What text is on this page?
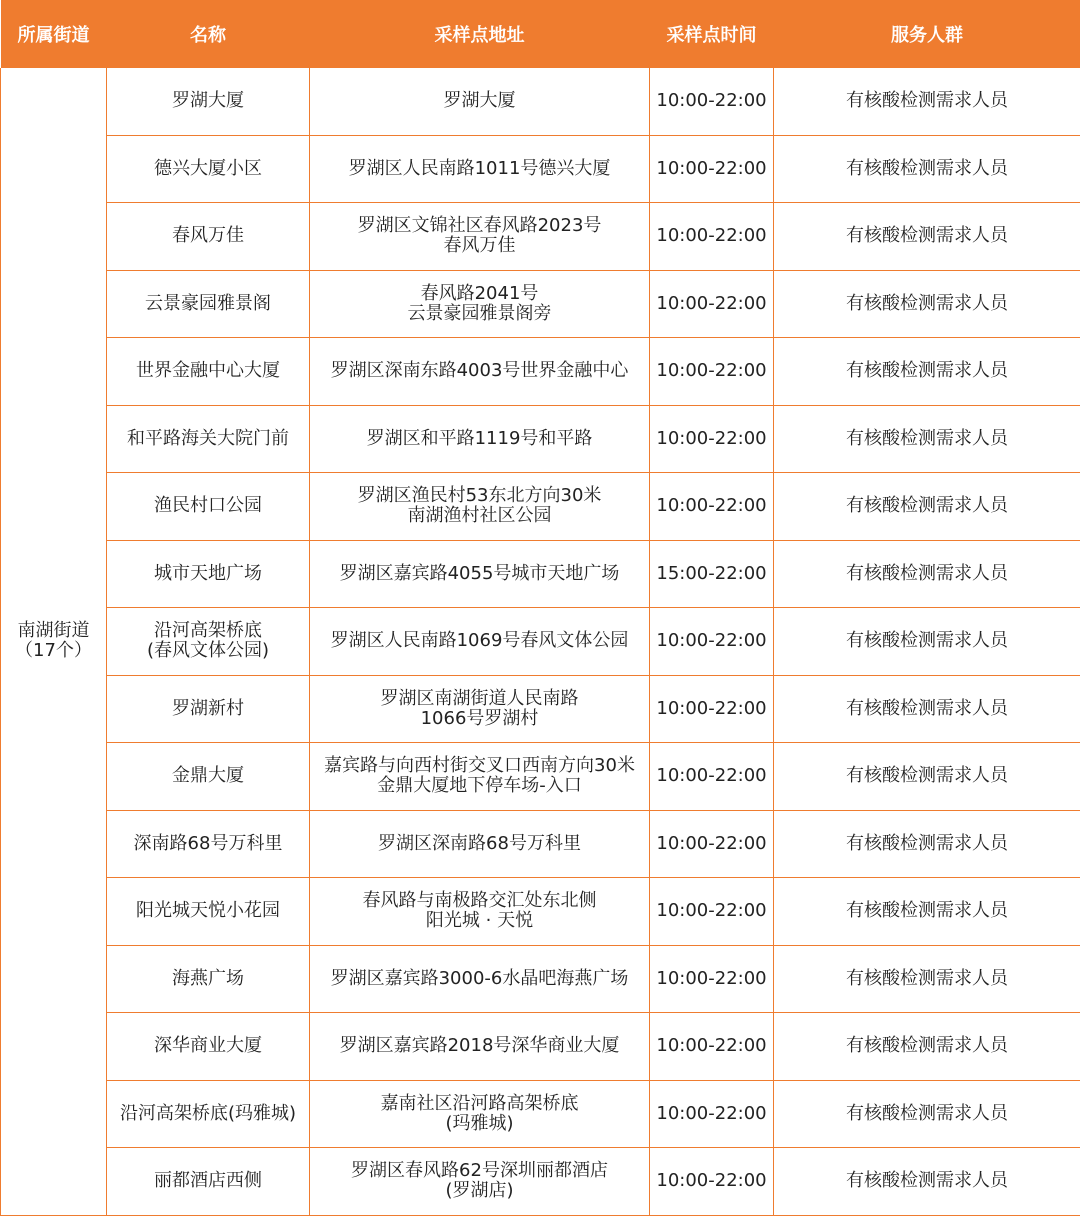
所属街道	名称	采样点地址	采样点时间	服务人群

南湖街道
（17个）	罗湖大厦	罗湖大厦	10:00-22:00	有核酸检测需求人员

	德兴大厦小区	罗湖区人民南路1011号德兴大厦	10:00-22:00	有核酸检测需求人员

	春风万佳	罗湖区文锦社区春风路2023号
春风万佳	10:00-22:00	有核酸检测需求人员

	云景豪园雅景阁	春风路2041号
云景豪园雅景阁旁	10:00-22:00	有核酸检测需求人员

	世界金融中心大厦	罗湖区深南东路4003号世界金融中心	10:00-22:00	有核酸检测需求人员

	和平路海关大院门前	罗湖区和平路1119号和平路	10:00-22:00	有核酸检测需求人员

	渔民村口公园	罗湖区渔民村53东北方向30米
南湖渔村社区公园	10:00-22:00	有核酸检测需求人员

	城市天地广场	罗湖区嘉宾路4055号城市天地广场	15:00-22:00	有核酸检测需求人员

	沿河高架桥底
(春风文体公园)	罗湖区人民南路1069号春风文体公园	10:00-22:00	有核酸检测需求人员

	罗湖新村	罗湖区南湖街道人民南路
1066号罗湖村	10:00-22:00	有核酸检测需求人员

	金鼎大厦	嘉宾路与向西村街交叉口西南方向30米
金鼎大厦地下停车场-入口	10:00-22:00	有核酸检测需求人员

	深南路68号万科里	罗湖区深南路68号万科里	10:00-22:00	有核酸检测需求人员

	阳光城天悦小花园	春风路与南极路交汇处东北侧
阳光城 · 天悦	10:00-22:00	有核酸检测需求人员

	海燕广场	罗湖区嘉宾路3000-6水晶吧海燕广场	10:00-22:00	有核酸检测需求人员

	深华商业大厦	罗湖区嘉宾路2018号深华商业大厦	10:00-22:00	有核酸检测需求人员

	沿河高架桥底(玛雅城)	嘉南社区沿河路高架桥底
(玛雅城)	10:00-22:00	有核酸检测需求人员

	丽都酒店西侧	罗湖区春风路62号深圳丽都酒店
(罗湖店)	10:00-22:00	有核酸检测需求人员
